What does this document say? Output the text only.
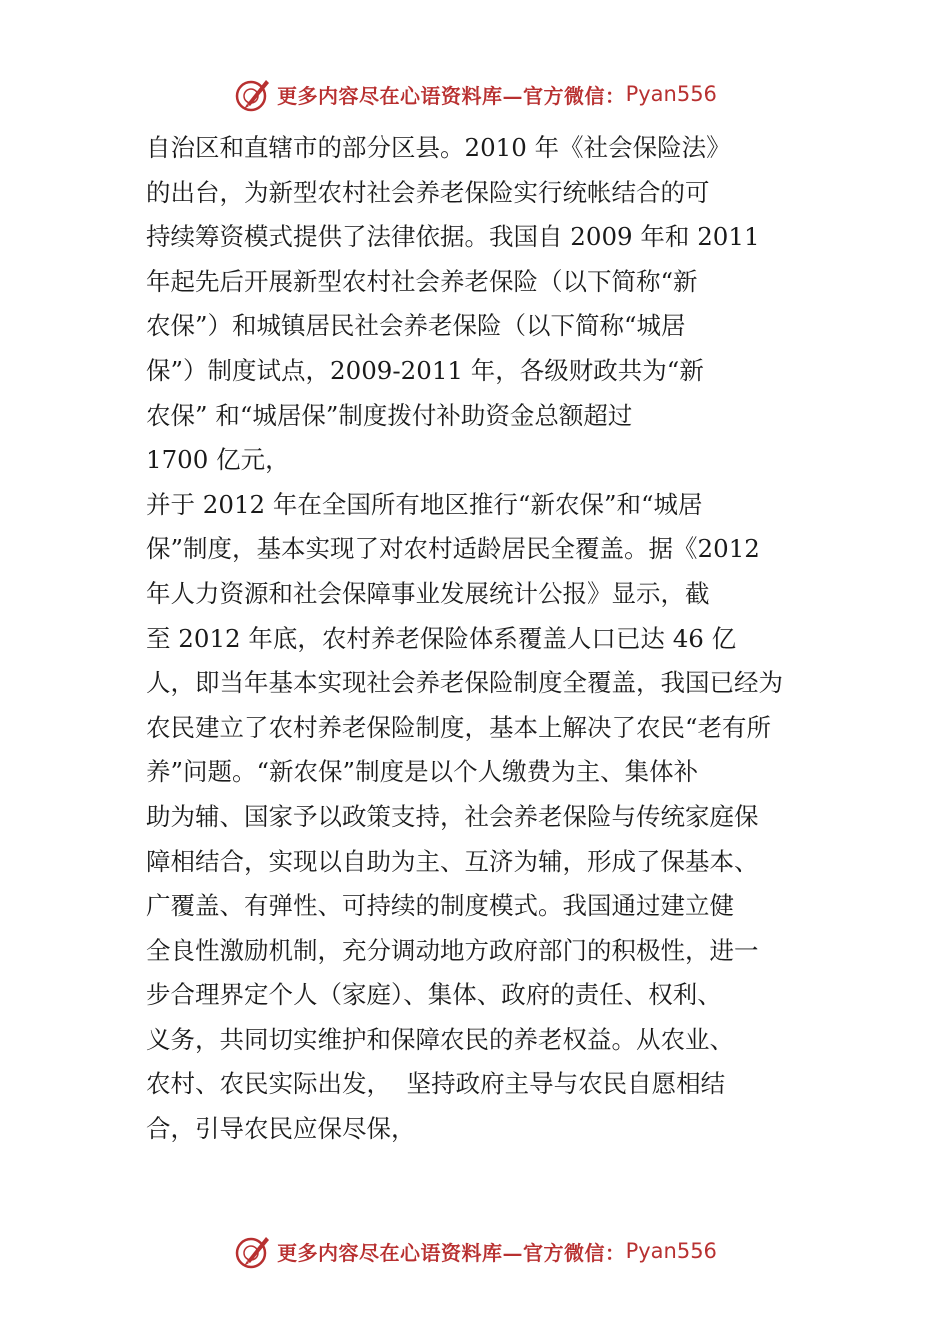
更多内容尽在心语资料库—官方微信： Pyan556
自治区和直辖市的部分区县。2010 年《社会保险法》
的出台，为新型农村社会养老保险实行统帐结合的可
持续筹资模式提供了法律依据。我国自 2009 年和 2011
年起先后开展新型农村社会养老保险（以下简称“新
农保”）和城镇居民社会养老保险（以下简称“城居
保”）制度试点，2009-2011 年，各级财政共为“新
农保” 和“城居保”制度拨付补助资金总额超过
1700 亿元，
并于 2012 年在全国所有地区推行“新农保”和“城居
保”制度，基本实现了对农村适龄居民全覆盖。据《2012
年人力资源和社会保障事业发展统计公报》显示，截
至 2012 年底，农村养老保险体系覆盖人口已达 46 亿
人，即当年基本实现社会养老保险制度全覆盖，我国已经为
农民建立了农村养老保险制度，基本上解决了农民“老有所
养”问题。“新农保”制度是以个人缴费为主、集体补
助为辅、国家予以政策支持，社会养老保险与传统家庭保
障相结合，实现以自助为主、互济为辅，形成了保基本、
广覆盖、有弹性、可持续的制度模式。我国通过建立健
全良性激励机制，充分调动地方政府部门的积极性，进一
步合理界定个人（家庭）、集体、政府的责任、权利、
义务，共同切实维护和保障农民的养老权益。从农业、
农村、农民实际出发，  坚持政府主导与农民自愿相结
合，引导农民应保尽保，
更多内容尽在心语资料库—官方微信： Pyan556
